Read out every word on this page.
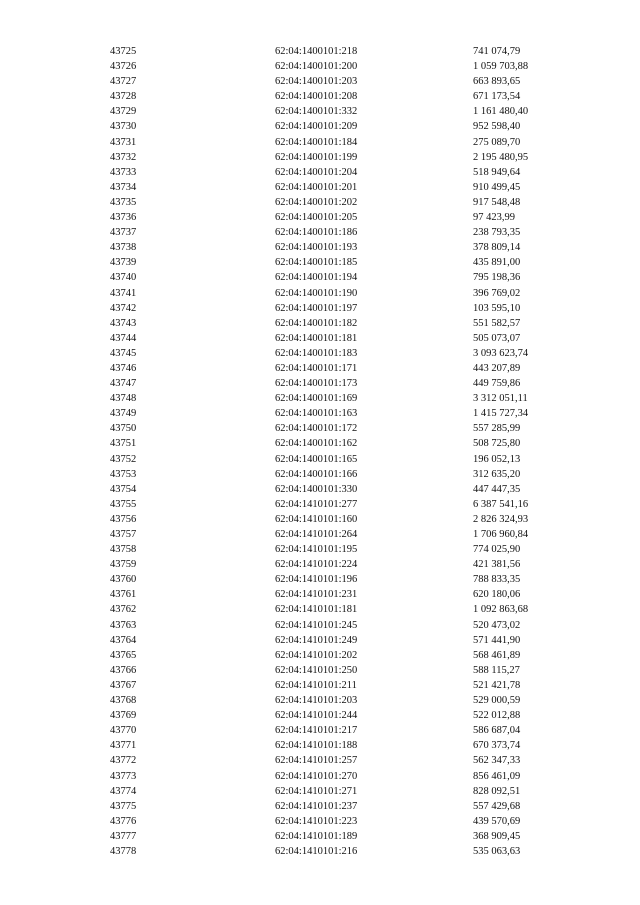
43725	62:04:1400101:218	741 074,79
43726	62:04:1400101:200	1 059 703,88
43727	62:04:1400101:203	663 893,65
43728	62:04:1400101:208	671 173,54
43729	62:04:1400101:332	1 161 480,40
43730	62:04:1400101:209	952 598,40
43731	62:04:1400101:184	275 089,70
43732	62:04:1400101:199	2 195 480,95
43733	62:04:1400101:204	518 949,64
43734	62:04:1400101:201	910 499,45
43735	62:04:1400101:202	917 548,48
43736	62:04:1400101:205	97 423,99
43737	62:04:1400101:186	238 793,35
43738	62:04:1400101:193	378 809,14
43739	62:04:1400101:185	435 891,00
43740	62:04:1400101:194	795 198,36
43741	62:04:1400101:190	396 769,02
43742	62:04:1400101:197	103 595,10
43743	62:04:1400101:182	551 582,57
43744	62:04:1400101:181	505 073,07
43745	62:04:1400101:183	3 093 623,74
43746	62:04:1400101:171	443 207,89
43747	62:04:1400101:173	449 759,86
43748	62:04:1400101:169	3 312 051,11
43749	62:04:1400101:163	1 415 727,34
43750	62:04:1400101:172	557 285,99
43751	62:04:1400101:162	508 725,80
43752	62:04:1400101:165	196 052,13
43753	62:04:1400101:166	312 635,20
43754	62:04:1400101:330	447 447,35
43755	62:04:1410101:277	6 387 541,16
43756	62:04:1410101:160	2 826 324,93
43757	62:04:1410101:264	1 706 960,84
43758	62:04:1410101:195	774 025,90
43759	62:04:1410101:224	421 381,56
43760	62:04:1410101:196	788 833,35
43761	62:04:1410101:231	620 180,06
43762	62:04:1410101:181	1 092 863,68
43763	62:04:1410101:245	520 473,02
43764	62:04:1410101:249	571 441,90
43765	62:04:1410101:202	568 461,89
43766	62:04:1410101:250	588 115,27
43767	62:04:1410101:211	521 421,78
43768	62:04:1410101:203	529 000,59
43769	62:04:1410101:244	522 012,88
43770	62:04:1410101:217	586 687,04
43771	62:04:1410101:188	670 373,74
43772	62:04:1410101:257	562 347,33
43773	62:04:1410101:270	856 461,09
43774	62:04:1410101:271	828 092,51
43775	62:04:1410101:237	557 429,68
43776	62:04:1410101:223	439 570,69
43777	62:04:1410101:189	368 909,45
43778	62:04:1410101:216	535 063,63
